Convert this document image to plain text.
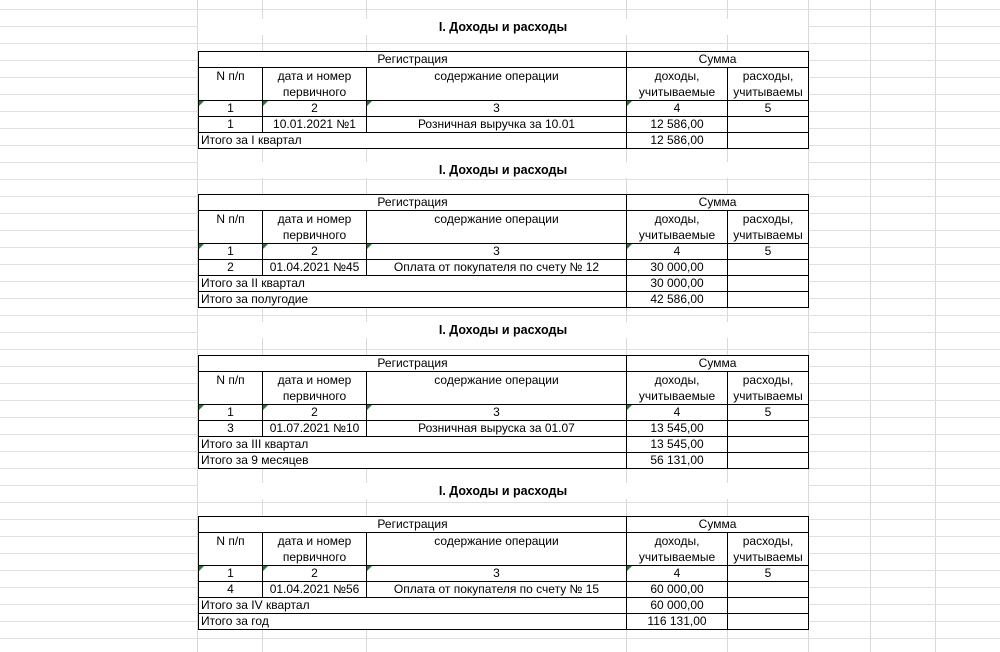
I. Доходы и расходы
Регистрация			Сумма	
N п/п	дата и номер первичного	содержание операции	доходы, учитываемые	расходы, учитываемы
1	2	3	4	5
1	10.01.2021 №1	Розничная выручка за 10.01	12 586,00	
Итого за I квартал			12 586,00	
I. Доходы и расходы
Регистрация			Сумма	
N п/п	дата и номер первичного	содержание операции	доходы, учитываемые	расходы, учитываемы
1	2	3	4	5
2	01.04.2021 №45	Оплата от покупателя по счету № 12	30 000,00	
Итого за II квартал			30 000,00	
Итого за полугодие			42 586,00	
I. Доходы и расходы
Регистрация			Сумма	
N п/п	дата и номер первичного	содержание операции	доходы, учитываемые	расходы, учитываемы
1	2	3	4	5
3	01.07.2021 №10	Розничная выруска за 01.07	13 545,00	
Итого за III квартал			13 545,00	
Итого за 9 месяцев			56 131,00	
I. Доходы и расходы
Регистрация			Сумма	
N п/п	дата и номер первичного	содержание операции	доходы, учитываемые	расходы, учитываемы
1	2	3	4	5
4	01.04.2021 №56	Оплата от покупателя по счету № 15	60 000,00	
Итого за IV квартал			60 000,00	
Итого за год			116 131,00	
